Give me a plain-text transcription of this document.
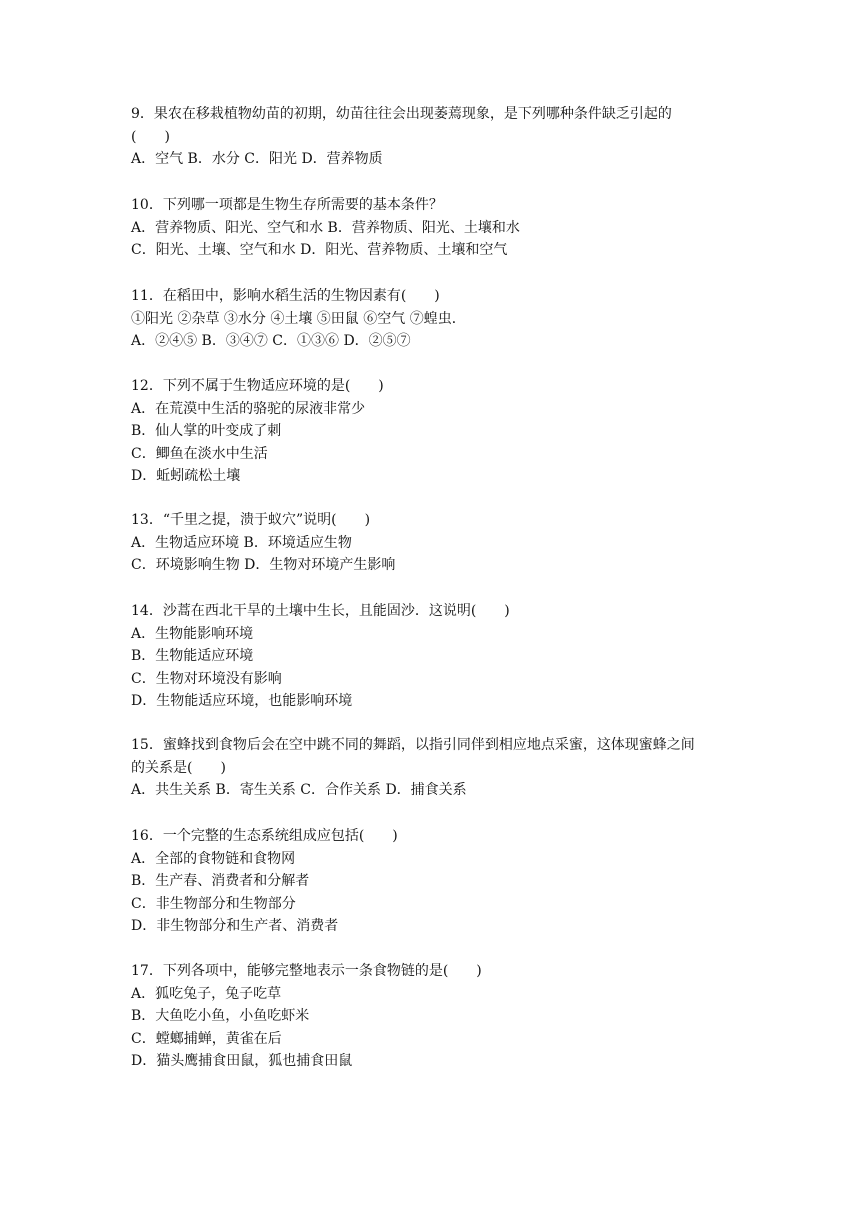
9．果农在移栽植物幼苗的初期，幼苗往往会出现萎蔫现象，是下列哪种条件缺乏引起的
(　　)
A．空气 B．水分 C．阳光 D．营养物质
10．下列哪一项都是生物生存所需要的基本条件？
A．营养物质、阳光、空气和水 B．营养物质、阳光、土壤和水
C．阳光、土壤、空气和水 D．阳光、营养物质、土壤和空气
11．在稻田中，影响水稻生活的生物因素有(　　)
①阳光 ②杂草 ③水分 ④土壤 ⑤田鼠 ⑥空气 ⑦蝗虫．
A．②④⑤ B．③④⑦ C．①③⑥ D．②⑤⑦
12．下列不属于生物适应环境的是(　　)
A．在荒漠中生活的骆驼的尿液非常少
B．仙人掌的叶变成了刺
C．鲫鱼在淡水中生活
D．蚯蚓疏松土壤
13．“千里之提，溃于蚁穴”说明(　　)
A．生物适应环境 B．环境适应生物
C．环境影响生物 D．生物对环境产生影响
14．沙蒿在西北干旱的土壤中生长，且能固沙．这说明(　　)
A．生物能影响环境
B．生物能适应环境
C．生物对环境没有影响
D．生物能适应环境，也能影响环境
15．蜜蜂找到食物后会在空中跳不同的舞蹈，以指引同伴到相应地点采蜜，这体现蜜蜂之间
的关系是(　　)
A．共生关系 B．寄生关系 C．合作关系 D．捕食关系
16．一个完整的生态系统组成应包括(　　)
A．全部的食物链和食物网
B．生产春、消费者和分解者
C．非生物部分和生物部分
D．非生物部分和生产者、消费者
17．下列各项中，能够完整地表示一条食物链的是(　　)
A．狐吃兔子，兔子吃草
B．大鱼吃小鱼，小鱼吃虾米
C．螳螂捕蝉，黄雀在后
D．猫头鹰捕食田鼠，狐也捕食田鼠
